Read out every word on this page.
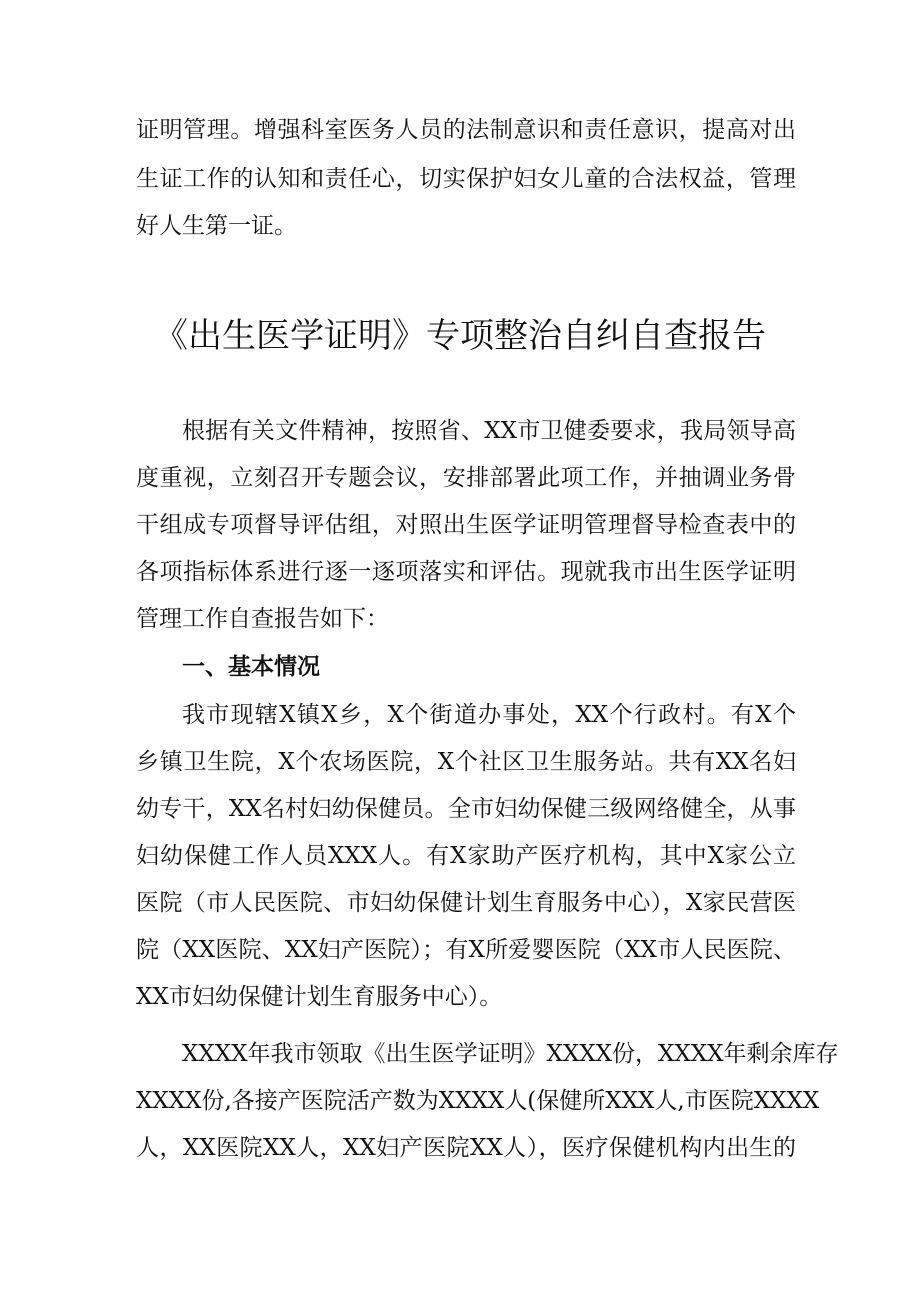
证明管理。增强科室医务人员的法制意识和责任意识，提高对出
生证工作的认知和责任心，切实保护妇女儿童的合法权益，管理
好人生第一证。
《出生医学证明》专项整治自纠自查报告
根据有关文件精神，按照省、XX市卫健委要求，我局领导高
度重视，立刻召开专题会议，安排部署此项工作，并抽调业务骨
干组成专项督导评估组，对照出生医学证明管理督导检查表中的
各项指标体系进行逐一逐项落实和评估。现就我市出生医学证明
管理工作自查报告如下：
一、基本情况
我市现辖X镇X乡，X个街道办事处，XX个行政村。有X个
乡镇卫生院，X个农场医院，X个社区卫生服务站。共有XX名妇
幼专干，XX名村妇幼保健员。全市妇幼保健三级网络健全，从事
妇幼保健工作人员XXX人。有X家助产医疗机构，其中X家公立
医院（市人民医院、市妇幼保健计划生育服务中心），X家民营医
院（XX医院、XX妇产医院）；有X所爱婴医院（XX市人民医院、
XX市妇幼保健计划生育服务中心）。
XXXX年我市领取《出生医学证明》XXXX份，XXXX年剩余库存
XXXX份,各接产医院活产数为XXXX人(保健所XXX人,市医院XXXX
人，XX医院XX人，XX妇产医院XX人），医疗保健机构内出生的
